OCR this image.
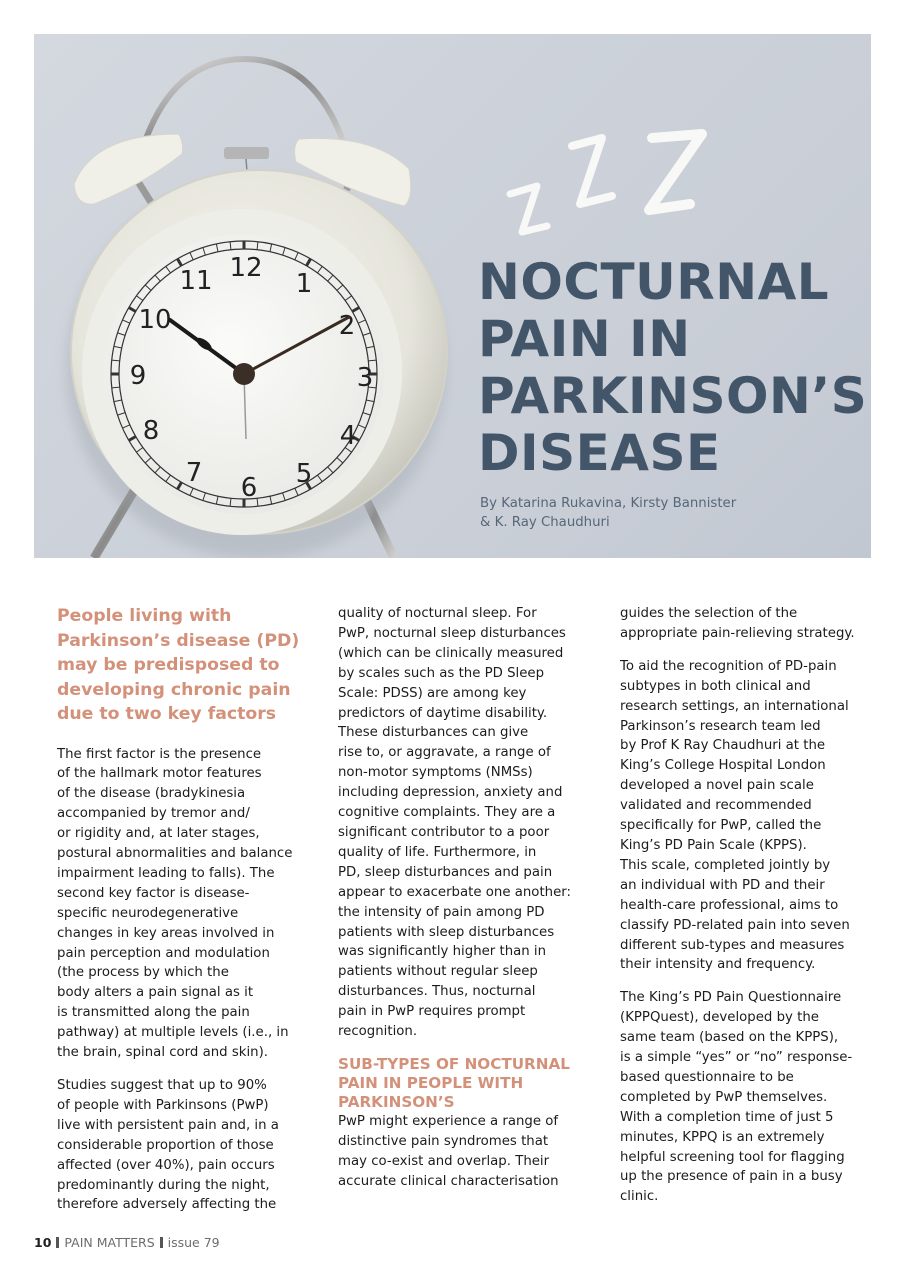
12
1
2
3
4
5
6
7
8
9
10
11	NOCTURNAL
PAIN IN
PARKINSON’S
DISEASE
By Katarina Rukavina, Kirsty Bannister
& K. Ray Chaudhuri
People living with
Parkinson’s disease (PD)
may be predisposed to
developing chronic pain
due to two key factors

The first factor is the presence
of the hallmark motor features
of the disease (bradykinesia
accompanied by tremor and/
or rigidity and, at later stages,
postural abnormalities and balance
impairment leading to falls). The
second key factor is disease-
specific neurodegenerative
changes in key areas involved in
pain perception and modulation
(the process by which the
body alters a pain signal as it
is transmitted along the pain
pathway) at multiple levels (i.e., in
the brain, spinal cord and skin).

Studies suggest that up to 90%
of people with Parkinsons (PwP)
live with persistent pain and, in a
considerable proportion of those
affected (over 40%), pain occurs
predominantly during the night,
therefore adversely affecting the

quality of nocturnal sleep. For
PwP, nocturnal sleep disturbances
(which can be clinically measured
by scales such as the PD Sleep
Scale: PDSS) are among key
predictors of daytime disability.
These disturbances can give
rise to, or aggravate, a range of
non-motor symptoms (NMSs)
including depression, anxiety and
cognitive complaints. They are a
significant contributor to a poor
quality of life. Furthermore, in
PD, sleep disturbances and pain
appear to exacerbate one another:
the intensity of pain among PD
patients with sleep disturbances
was significantly higher than in
patients without regular sleep
disturbances. Thus, nocturnal
pain in PwP requires prompt
recognition.

SUB-TYPES OF NOCTURNAL
PAIN IN PEOPLE WITH
PARKINSON’S

PwP might experience a range of
distinctive pain syndromes that
may co-exist and overlap. Their
accurate clinical characterisation

guides the selection of the
appropriate pain-relieving strategy.

To aid the recognition of PD-pain
subtypes in both clinical and
research settings, an international
Parkinson’s research team led
by Prof K Ray Chaudhuri at the
King’s College Hospital London
developed a novel pain scale
validated and recommended
specifically for PwP, called the
King’s PD Pain Scale (KPPS).
This scale, completed jointly by
an individual with PD and their
health-care professional, aims to
classify PD-related pain into seven
different sub-types and measures
their intensity and frequency.

The King’s PD Pain Questionnaire
(KPPQuest), developed by the
same team (based on the KPPS),
is a simple “yes” or “no” response-
based questionnaire to be
completed by PwP themselves.
With a completion time of just 5
minutes, KPPQ is an extremely
helpful screening tool for flagging
up the presence of pain in a busy
clinic.

10 PAIN MATTERS issue 79
